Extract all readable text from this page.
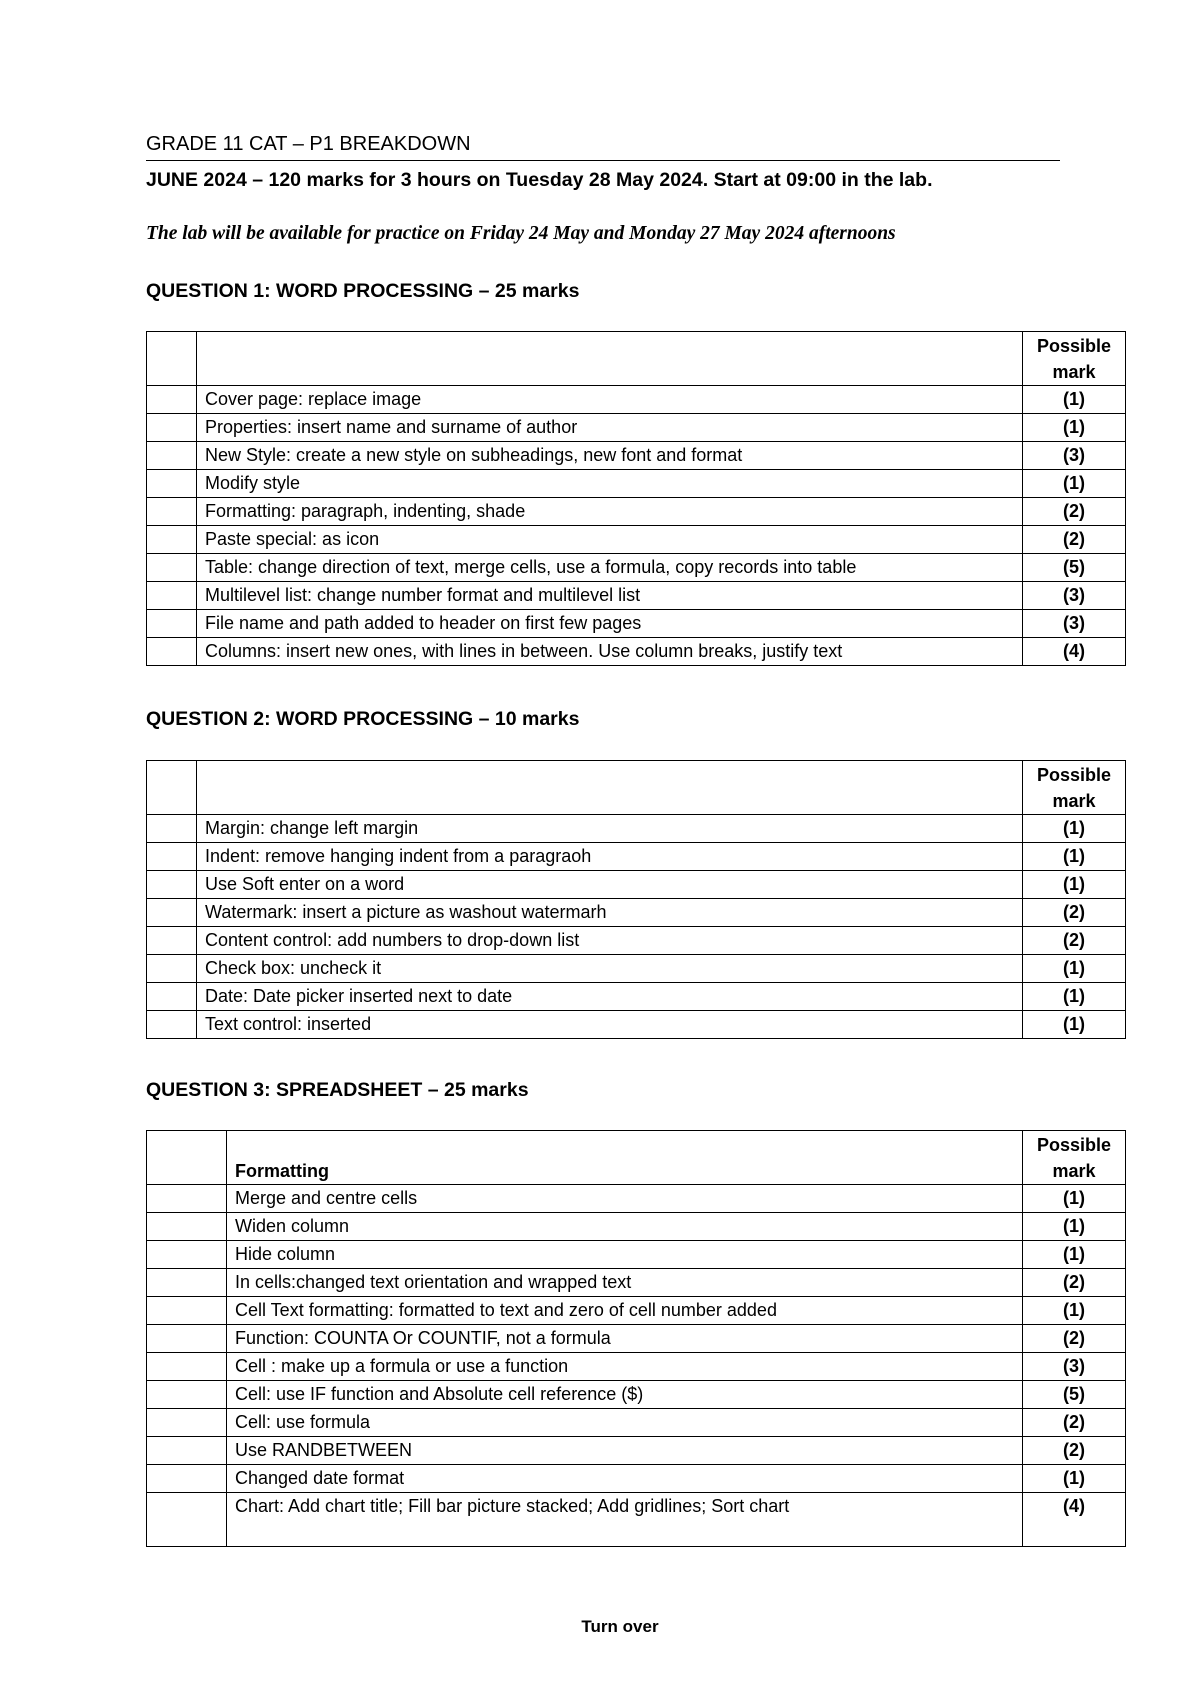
GRADE 11 CAT – P1 BREAKDOWN
JUNE 2024 – 120 marks for 3 hours on Tuesday 28 May 2024. Start at 09:00 in the lab.
The lab will be available for practice on Friday 24 May and Monday 27 May 2024 afternoons
QUESTION 1: WORD PROCESSING – 25 marks

		Possible
mark

	Cover page: replace image	(1)
	Properties: insert name and surname of author	(1)
	New Style: create a new style on subheadings, new font and format	(3)
	Modify style	(1)
	Formatting: paragraph, indenting, shade	(2)
	Paste special: as icon	(2)
	Table: change direction of text, merge cells, use a formula, copy records into table	(5)
	Multilevel list: change number format and multilevel list	(3)
	File name and path added to header on first few pages	(3)
	Columns: insert new ones, with lines in between. Use column breaks, justify text	(4)
QUESTION 2: WORD PROCESSING – 10 marks

		Possible
mark

	Margin: change left margin	(1)
	Indent: remove hanging indent from a paragraoh	(1)
	Use Soft enter on a word	(1)
	Watermark: insert a picture as washout watermarh	(2)
	Content control: add numbers to drop-down list	(2)
	Check box: uncheck it	(1)
	Date: Date picker inserted next to date	(1)
	Text control: inserted	(1)
QUESTION 3: SPREADSHEET – 25 marks
	Formatting	Possible
mark

	Merge and centre cells	(1)
	Widen column	(1)
	Hide column	(1)
	In cells:changed text orientation and wrapped text	(2)
	Cell Text formatting: formatted to text and zero of cell number added	(1)
	Function: COUNTA Or COUNTIF, not a formula	(2)
	Cell : make up a formula or use a function	(3)
	Cell: use IF function and Absolute cell reference ($)	(5)
	Cell: use formula	(2)
	Use RANDBETWEEN	(2)
	Changed date format	(1)
	Chart: Add chart title; Fill bar picture stacked; Add gridlines; Sort chart	(4)
Turn over
